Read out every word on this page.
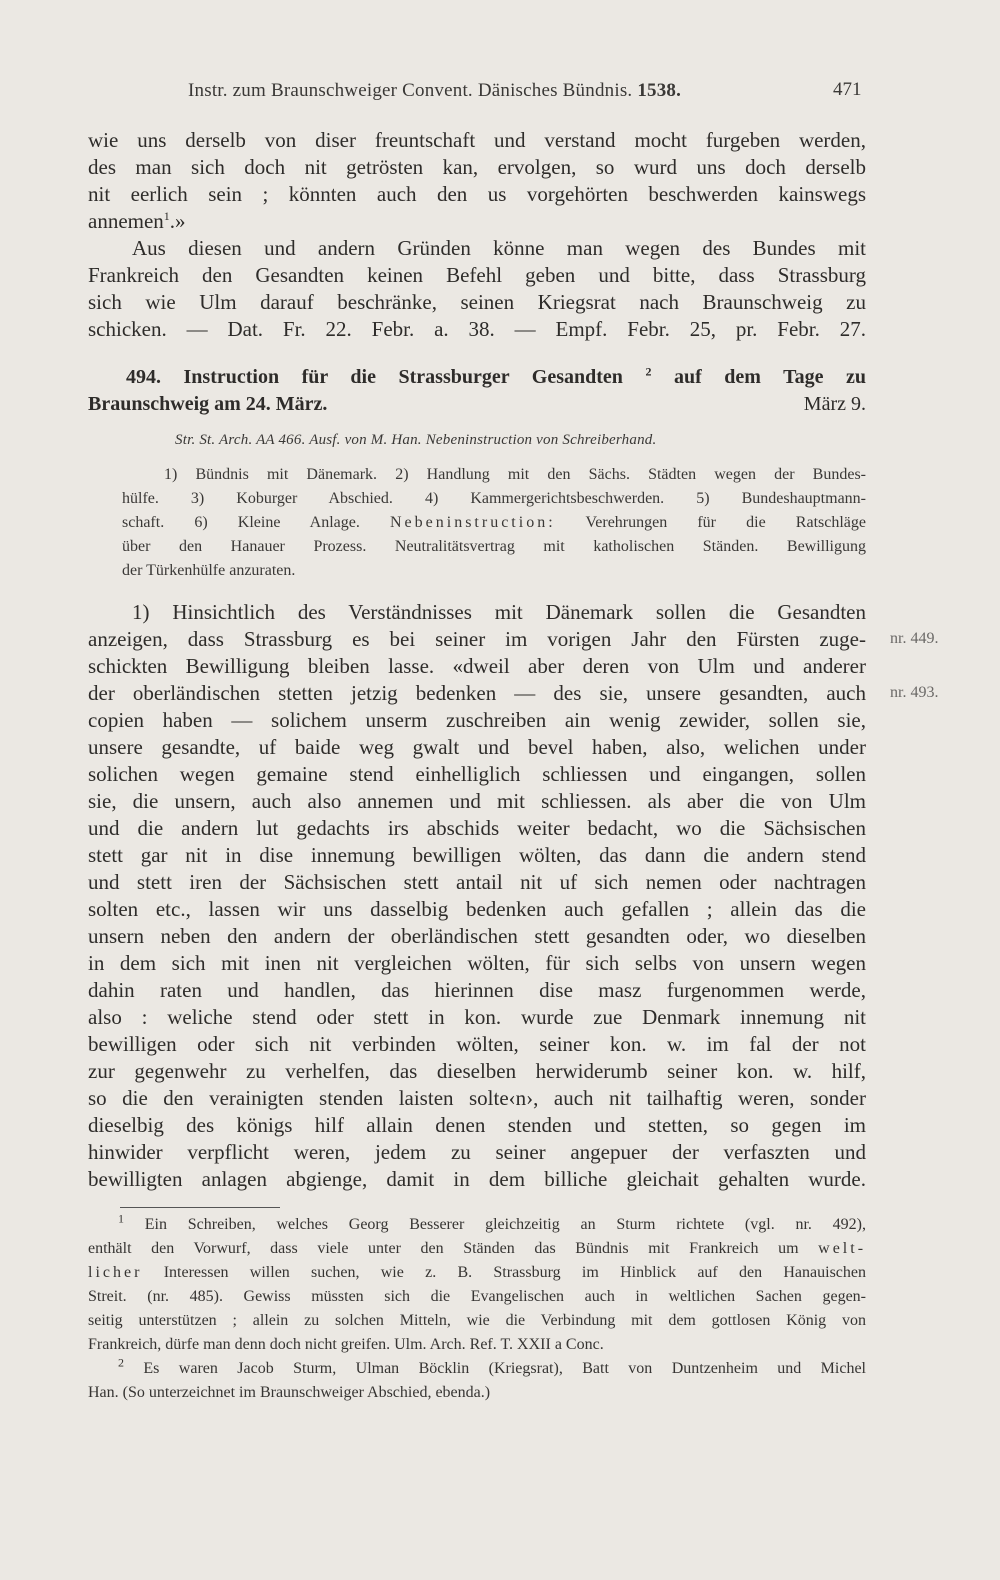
Instr. zum Braunschweiger Convent. Dänisches Bündnis. 1538.	471
wie uns derselb von diser freuntschaft und verstand mocht furgeben werden,
des man sich doch nit getrösten kan, ervolgen, so wurd uns doch derselb
nit eerlich sein ; könnten auch den us vorgehörten beschwerden kainswegs
annemen$^1$.»
Aus diesen und andern Gründen könne man wegen des Bundes mit
Frankreich den Gesandten keinen Befehl geben und bitte, dass Strassburg
sich wie Ulm darauf beschränke, seinen Kriegsrat nach Braunschweig zu
schicken. — Dat. Fr. 22. Febr. a. 38. — Empf. Febr. 25, pr. Febr. 27.
494. Instruction für die Strassburger Gesandten $^2$ auf dem Tage zu
Braunschweig am 24. März.	März 9.
Str. St. Arch. AA 466. Ausf. von M. Han. Nebeninstruction von Schreiberhand.
1) Bündnis mit Dänemark. 2) Handlung mit den Sächs. Städten wegen der Bundes-
hülfe. 3) Koburger Abschied. 4) Kammergerichtsbeschwerden. 5) Bundeshauptmann-
schaft. 6) Kleine Anlage. Nebeninstruction: Verehrungen für die Ratschläge
über den Hanauer Prozess. Neutralitätsvertrag mit katholischen Ständen. Bewilligung
der Türkenhülfe anzuraten.
1) Hinsichtlich des Verständnisses mit Dänemark sollen die Gesandten
anzeigen, dass Strassburg es bei seiner im vorigen Jahr den Fürsten zuge-
schickten Bewilligung bleiben lasse. «dweil aber deren von Ulm und anderer
der oberländischen stetten jetzig bedenken — des sie, unsere gesandten, auch
copien haben — solichem unserm zuschreiben ain wenig zewider, sollen sie,
unsere gesandte, uf baide weg gwalt und bevel haben, also, welichen under
solichen wegen gemaine stend einhelliglich schliessen und eingangen, sollen
sie, die unsern, auch also annemen und mit schliessen. als aber die von Ulm
und die andern lut gedachts irs abschids weiter bedacht, wo die Sächsischen
stett gar nit in dise innemung bewilligen wölten, das dann die andern stend
und stett iren der Sächsischen stett antail nit uf sich nemen oder nachtragen
solten etc., lassen wir uns dasselbig bedenken auch gefallen ; allein das die
unsern neben den andern der oberländischen stett gesandten oder, wo dieselben
in dem sich mit inen nit vergleichen wölten, für sich selbs von unsern wegen
dahin raten und handlen, das hierinnen dise masz furgenommen werde,
also : weliche stend oder stett in kon. wurde zue Denmark innemung nit
bewilligen oder sich nit verbinden wölten, seiner kon. w. im fal der not
zur gegenwehr zu verhelfen, das dieselben herwiderumb seiner kon. w. hilf,
so die den verainigten stenden laisten solte‹n›, auch nit tailhaftig weren, sonder
dieselbig des königs hilf allain denen stenden und stetten, so gegen im
hinwider verpflicht weren, jedem zu seiner angepuer der verfaszten und
bewilligten anlagen abgienge, damit in dem billiche gleichait gehalten wurde.
nr. 449.
nr. 493.
$^1$ Ein Schreiben, welches Georg Besserer gleichzeitig an Sturm richtete (vgl. nr. 492),
enthält den Vorwurf, dass viele unter den Ständen das Bündnis mit Frankreich um welt-
licher Interessen willen suchen, wie z. B. Strassburg im Hinblick auf den Hanauischen
Streit. (nr. 485). Gewiss müssten sich die Evangelischen auch in weltlichen Sachen gegen-
seitig unterstützen ; allein zu solchen Mitteln, wie die Verbindung mit dem gottlosen König von
Frankreich, dürfe man denn doch nicht greifen. Ulm. Arch. Ref. T. XXII a Conc.
$^2$ Es waren Jacob Sturm, Ulman Böcklin (Kriegsrat), Batt von Duntzenheim und Michel
Han. (So unterzeichnet im Braunschweiger Abschied, ebenda.)
